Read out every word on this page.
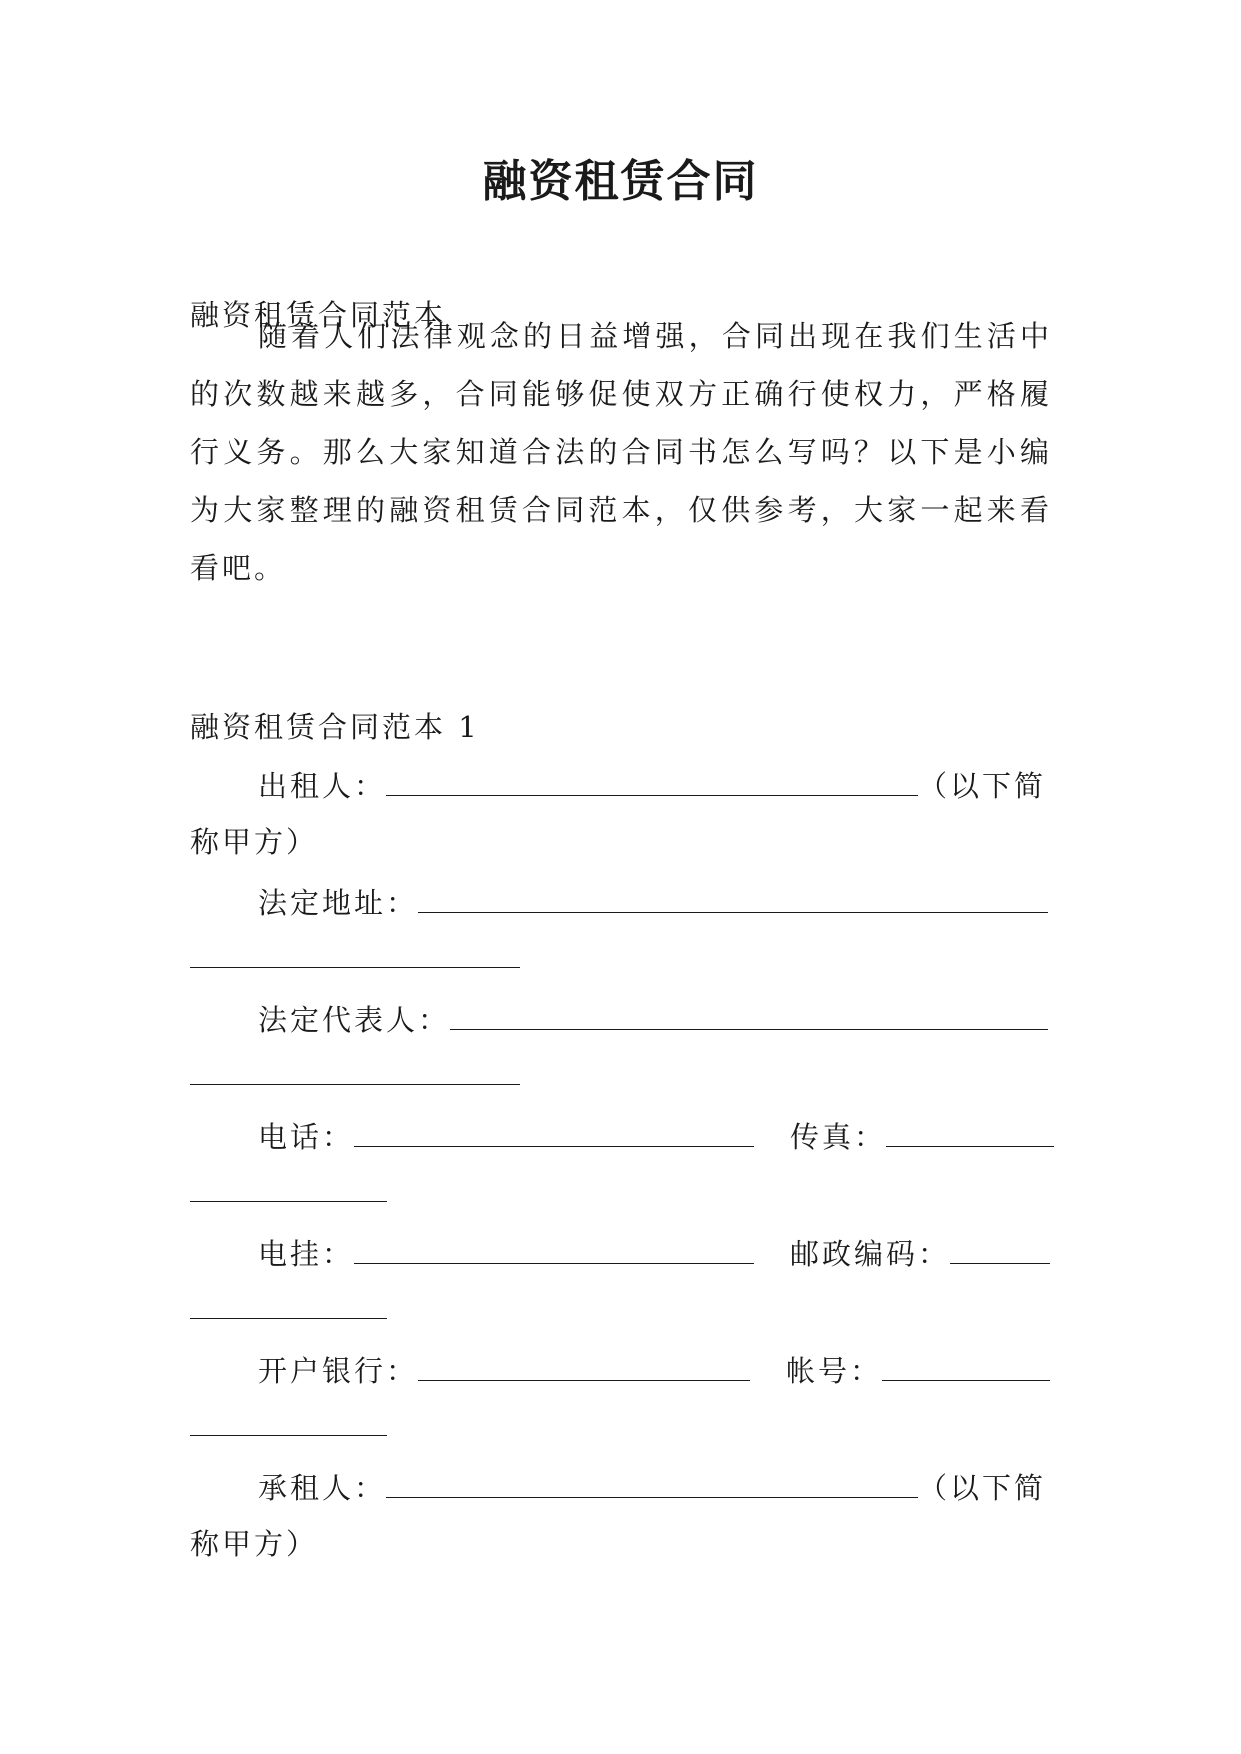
融资租赁合同
融资租赁合同范本
随着人们法律观念的日益增强，合同出现在我们生活中的次数越来越多，合同能够促使双方正确行使权力，严格履行义务。那么大家知道合法的合同书怎么写吗？以下是小编为大家整理的融资租赁合同范本，仅供参考，大家一起来看看吧。
融资租赁合同范本 1
出租人：	（以下简
称甲方）
法定地址：
法定代表人：
电话：	传真：
电挂：	邮政编码：
开户银行：	帐号：
承租人：	（以下简
称甲方）
